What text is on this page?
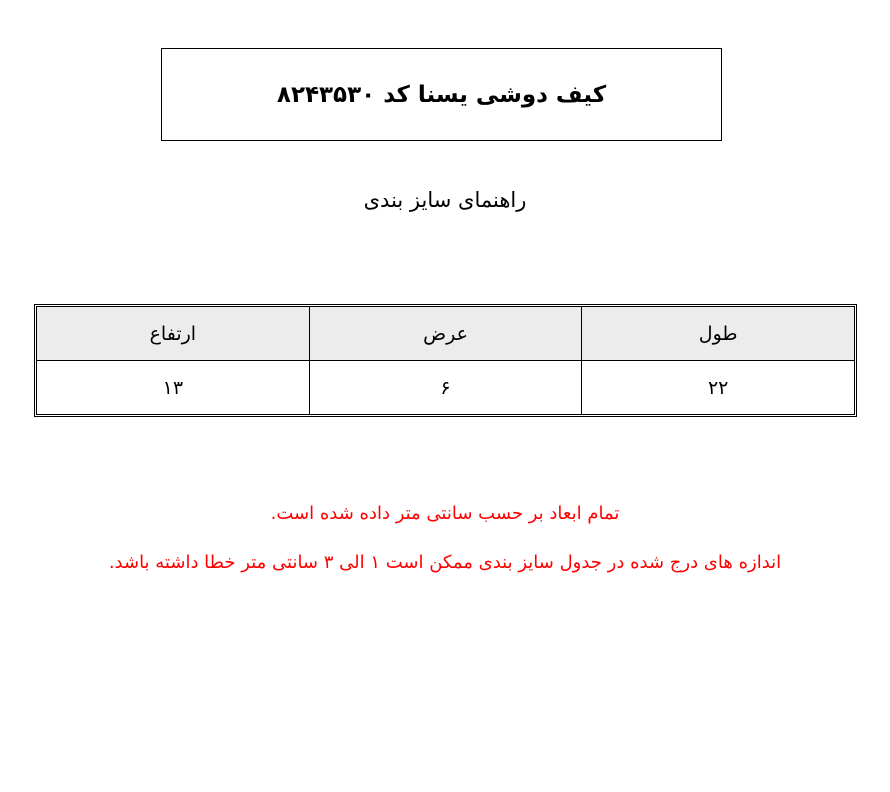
کیف دوشی یسنا کد ۸۲۴۳۵۳۰
راهنمای سایز بندی
طول	عرض	ارتفاع
۲۲	۶	۱۳
تمام ابعاد بر حسب سانتی متر داده شده است.
اندازه های درج شده در جدول سایز بندی ممکن است ۱ الی ۳ سانتی متر خطا داشته باشد.
